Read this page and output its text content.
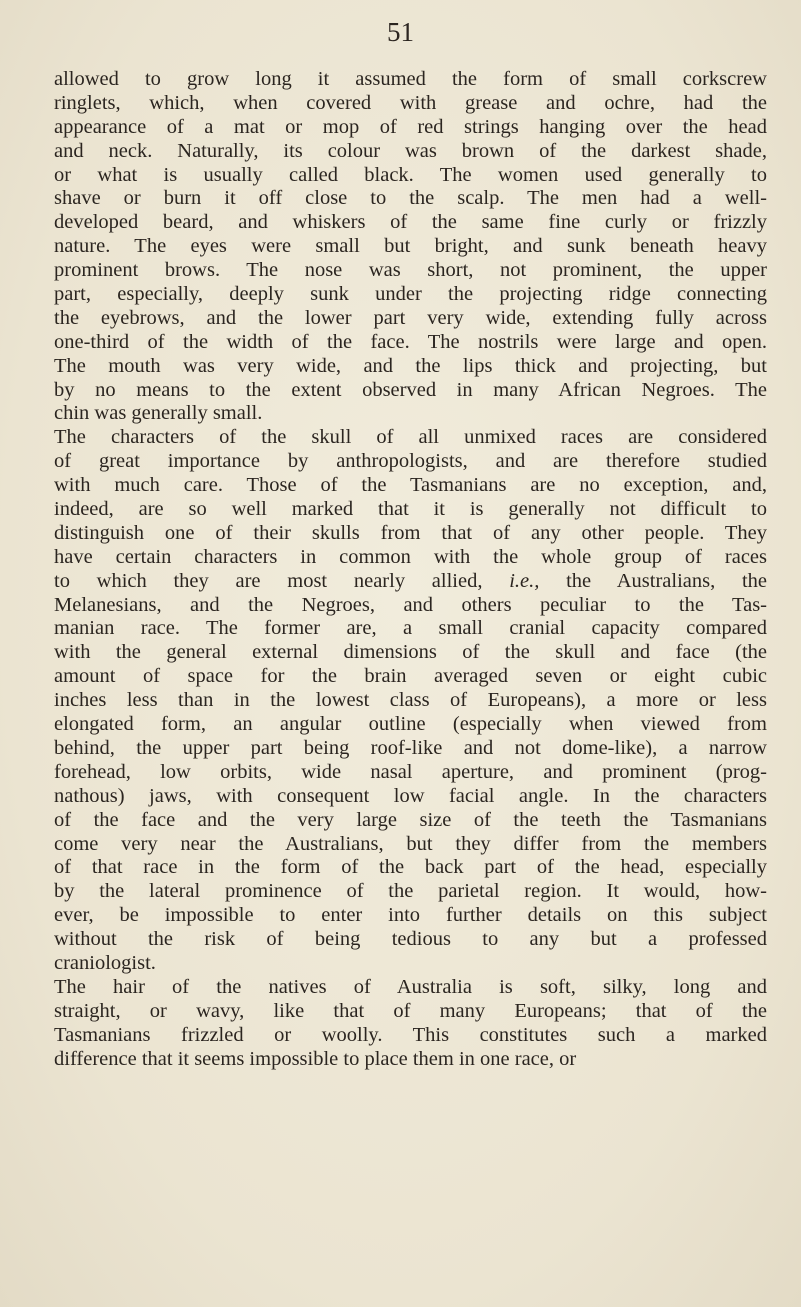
51
allowed to grow long it assumed the form of small corkscrew
ringlets, which, when covered with grease and ochre, had the
appearance of a mat or mop of red strings hanging over the head
and neck. Naturally, its colour was brown of the darkest shade,
or what is usually called black. The women used generally to
shave or burn it off close to the scalp. The men had a well-
developed beard, and whiskers of the same fine curly or frizzly
nature. The eyes were small but bright, and sunk beneath heavy
prominent brows. The nose was short, not prominent, the upper
part, especially, deeply sunk under the projecting ridge connecting
the eyebrows, and the lower part very wide, extending fully across
one-third of the width of the face. The nostrils were large and open.
The mouth was very wide, and the lips thick and projecting, but
by no means to the extent observed in many African Negroes. The
chin was generally small.
The characters of the skull of all unmixed races are considered
of great importance by anthropologists, and are therefore studied
with much care. Those of the Tasmanians are no exception, and,
indeed, are so well marked that it is generally not difficult to
distinguish one of their skulls from that of any other people. They
have certain characters in common with the whole group of races
to which they are most nearly allied, i.e., the Australians, the
Melanesians, and the Negroes, and others peculiar to the Tas-
manian race. The former are, a small cranial capacity compared
with the general external dimensions of the skull and face (the
amount of space for the brain averaged seven or eight cubic
inches less than in the lowest class of Europeans), a more or less
elongated form, an angular outline (especially when viewed from
behind, the upper part being roof-like and not dome-like), a narrow
forehead, low orbits, wide nasal aperture, and prominent (prog-
nathous) jaws, with consequent low facial angle. In the characters
of the face and the very large size of the teeth the Tasmanians
come very near the Australians, but they differ from the members
of that race in the form of the back part of the head, especially
by the lateral prominence of the parietal region. It would, how-
ever, be impossible to enter into further details on this subject
without the risk of being tedious to any but a professed
craniologist.
The hair of the natives of Australia is soft, silky, long and
straight, or wavy, like that of many Europeans; that of the
Tasmanians frizzled or woolly. This constitutes such a marked
difference that it seems impossible to place them in one race, or
